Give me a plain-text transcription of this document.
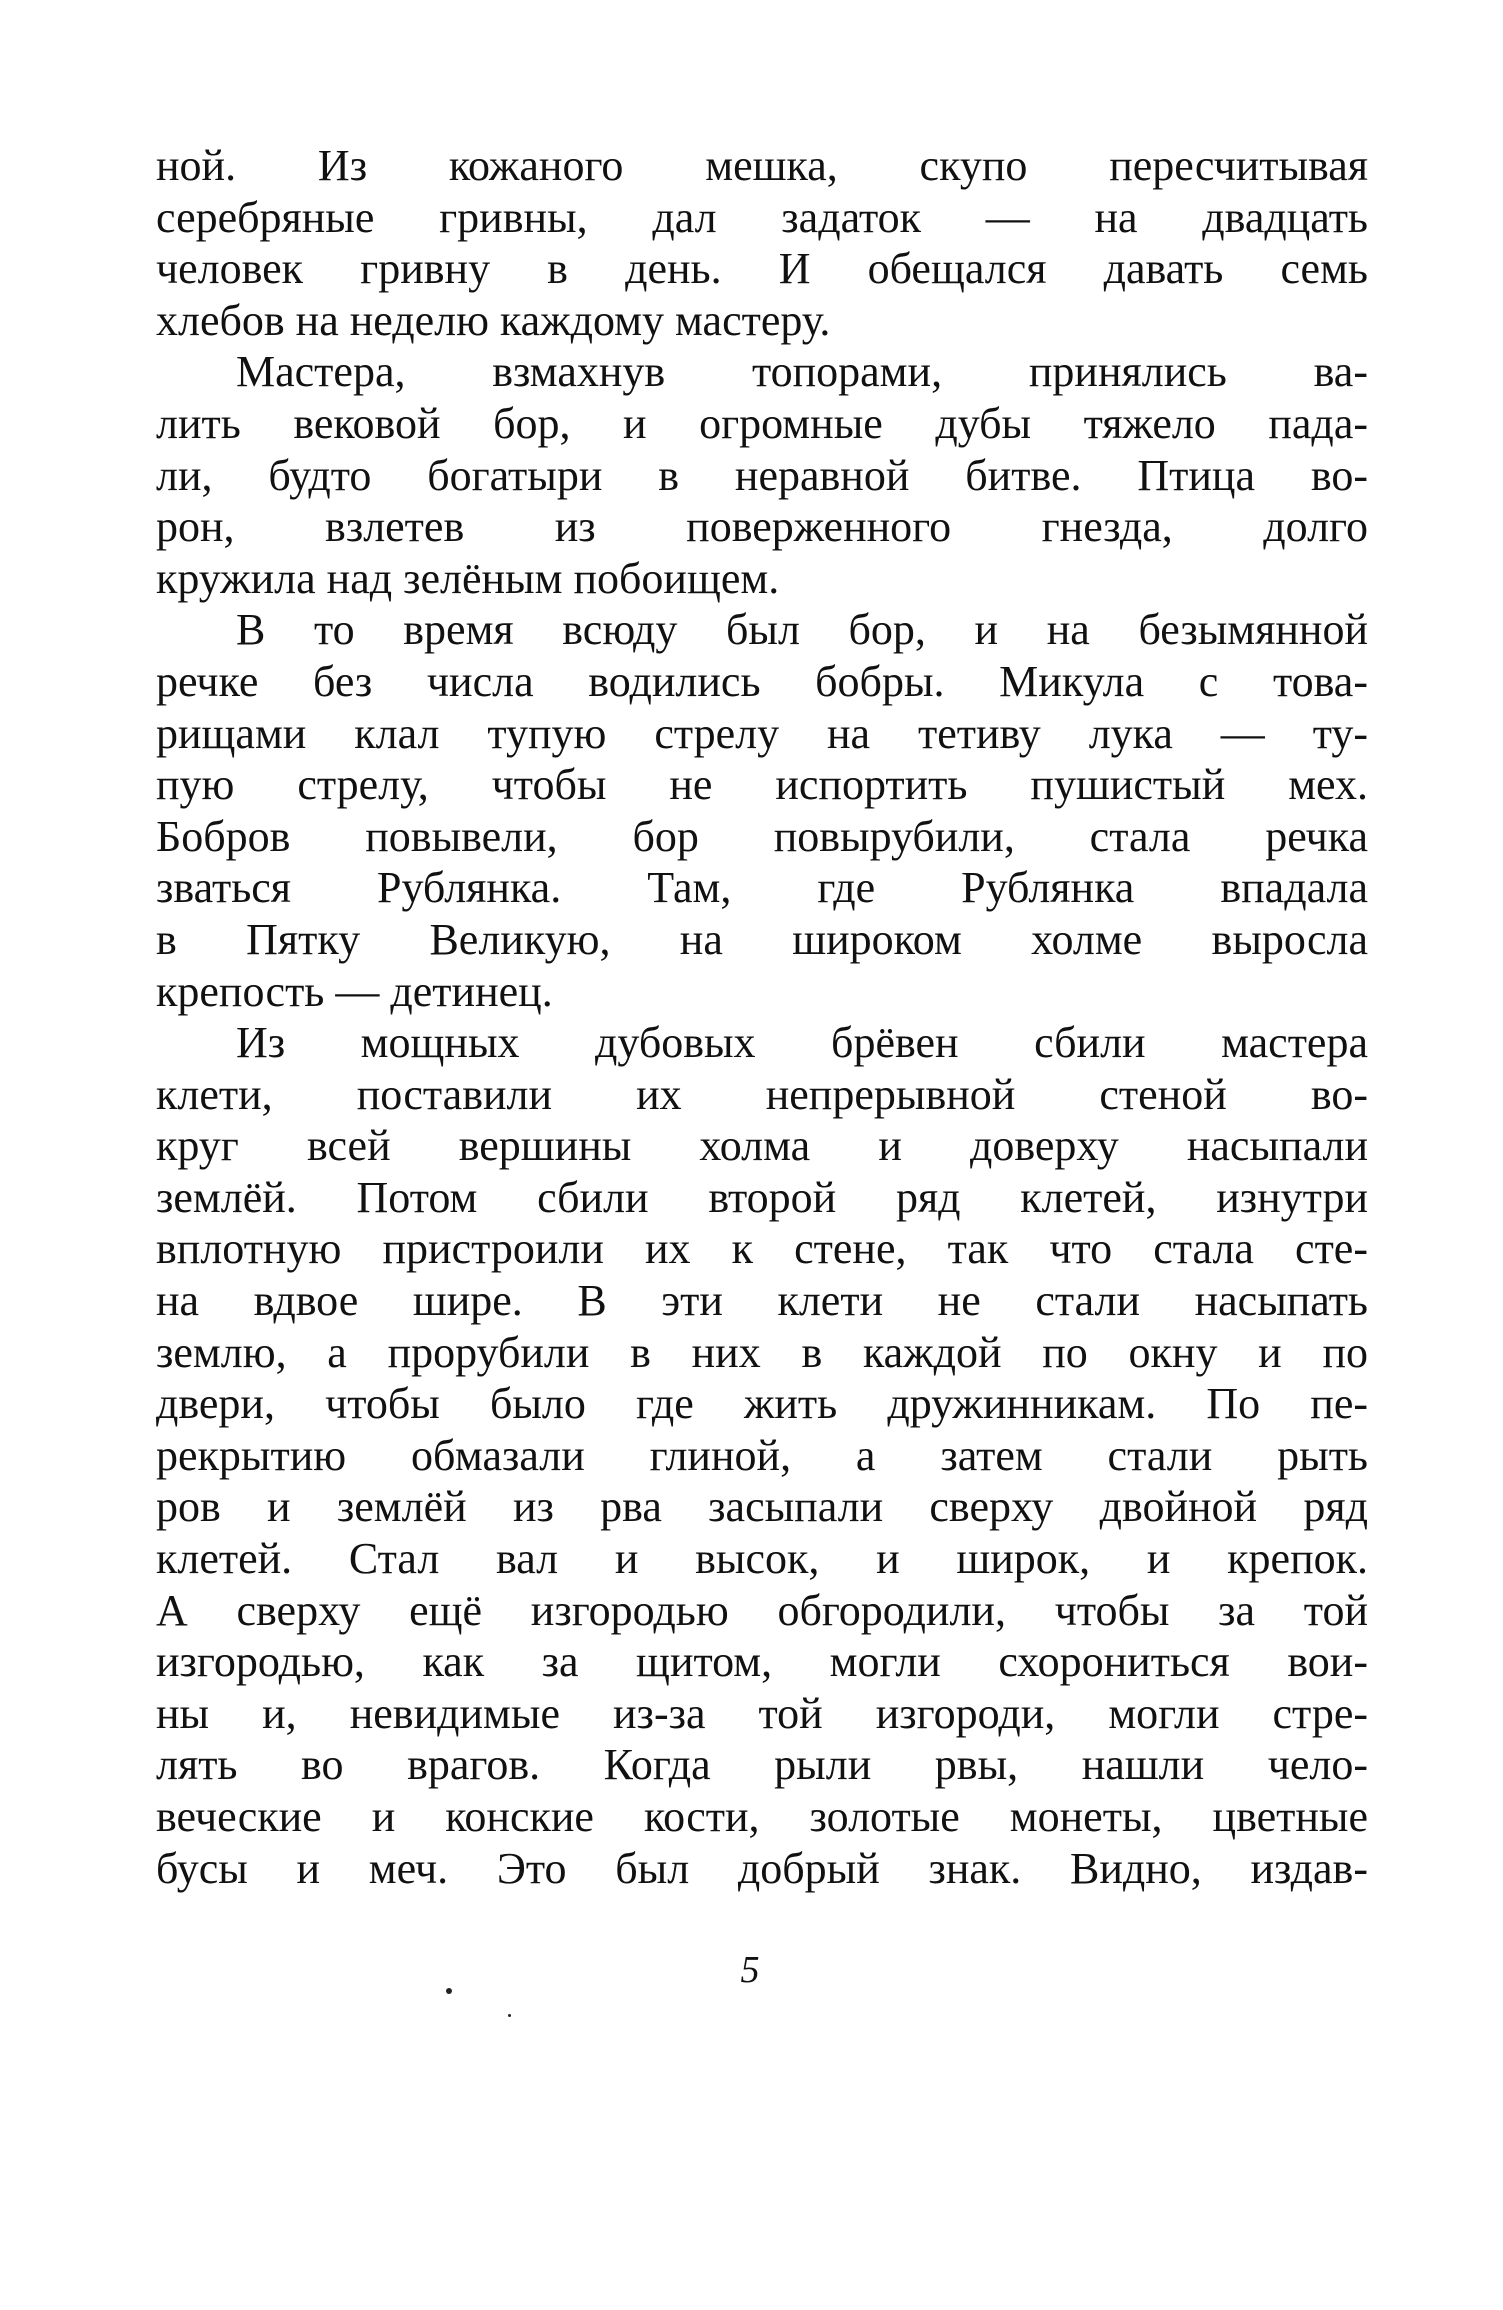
ной. Из кожаного мешка, скупо пересчитывая
серебряные гривны, дал задаток — на двадцать
человек гривну в день. И обещался давать семь
хлебов на неделю каждому мастеру.
Мастера, взмахнув топорами, принялись ва-
лить вековой бор, и огромные дубы тяжело пада-
ли, будто богатыри в неравной битве. Птица во-
рон, взлетев из поверженного гнезда, долго
кружила над зелёным побоищем.
В то время всюду был бор, и на безымянной
речке без числа водились бобры. Микула с това-
рищами клал тупую стрелу на тетиву лука — ту-
пую стрелу, чтобы не испортить пушистый мех.
Бобров повывели, бор повырубили, стала речка
зваться Рублянка. Там, где Рублянка впадала
в Пятку Великую, на широком холме выросла
крепость — детинец.
Из мощных дубовых брёвен сбили мастера
клети, поставили их непрерывной стеной во-
круг всей вершины холма и доверху насыпали
землёй. Потом сбили второй ряд клетей, изнутри
вплотную пристроили их к стене, так что стала сте-
на вдвое шире. В эти клети не стали насыпать
землю, а прорубили в них в каждой по окну и по
двери, чтобы было где жить дружинникам. По пе-
рекрытию обмазали глиной, а затем стали рыть
ров и землёй из рва засыпали сверху двойной ряд
клетей. Стал вал и высок, и широк, и крепок.
А сверху ещё изгородью обгородили, чтобы за той
изгородью, как за щитом, могли схорониться вои-
ны и, невидимые из-за той изгороди, могли стре-
лять во врагов. Когда рыли рвы, нашли чело-
веческие и конские кости, золотые монеты, цветные
бусы и меч. Это был добрый знак. Видно, издав-
5
